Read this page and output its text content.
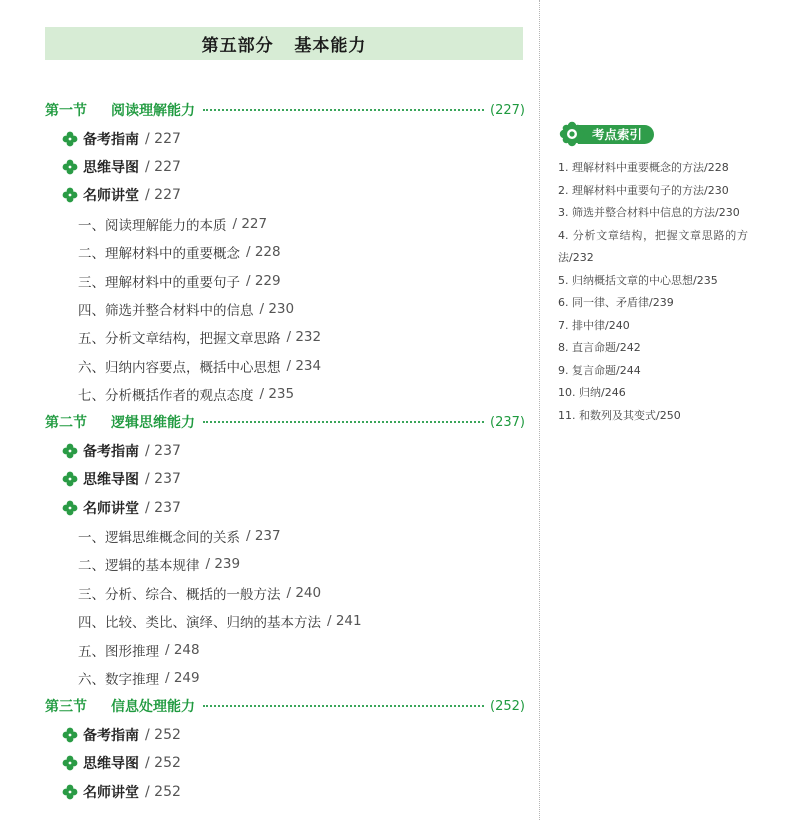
第五部分   基本能力
第一节	阅读理解能力	(227)
备考指南 / 227
思维导图 / 227
名师讲堂 / 227
一、阅读理解能力的本质 / 227
二、理解材料中的重要概念 / 228
三、理解材料中的重要句子 / 229
四、筛选并整合材料中的信息 / 230
五、分析文章结构，把握文章思路 / 232
六、归纳内容要点，概括中心思想 / 234
七、分析概括作者的观点态度 / 235
第二节	逻辑思维能力	(237)
备考指南 / 237
思维导图 / 237
名师讲堂 / 237
一、逻辑思维概念间的关系 / 237
二、逻辑的基本规律 / 239
三、分析、综合、概括的一般方法 / 240
四、比较、类比、演绎、归纳的基本方法 / 241
五、图形推理 / 248
六、数字推理 / 249
第三节	信息处理能力	(252)
备考指南 / 252
思维导图 / 252
名师讲堂 / 252
考点索引
1. 理解材料中重要概念的方法/228
2. 理解材料中重要句子的方法/230
3. 筛选并整合材料中信息的方法/230
4. 分析文章结构，把握文章思路的方法/232
5. 归纳概括文章的中心思想/235
6. 同一律、矛盾律/239
7. 排中律/240
8. 直言命题/242
9. 复言命题/244
10. 归纳/246
11. 和数列及其变式/250
